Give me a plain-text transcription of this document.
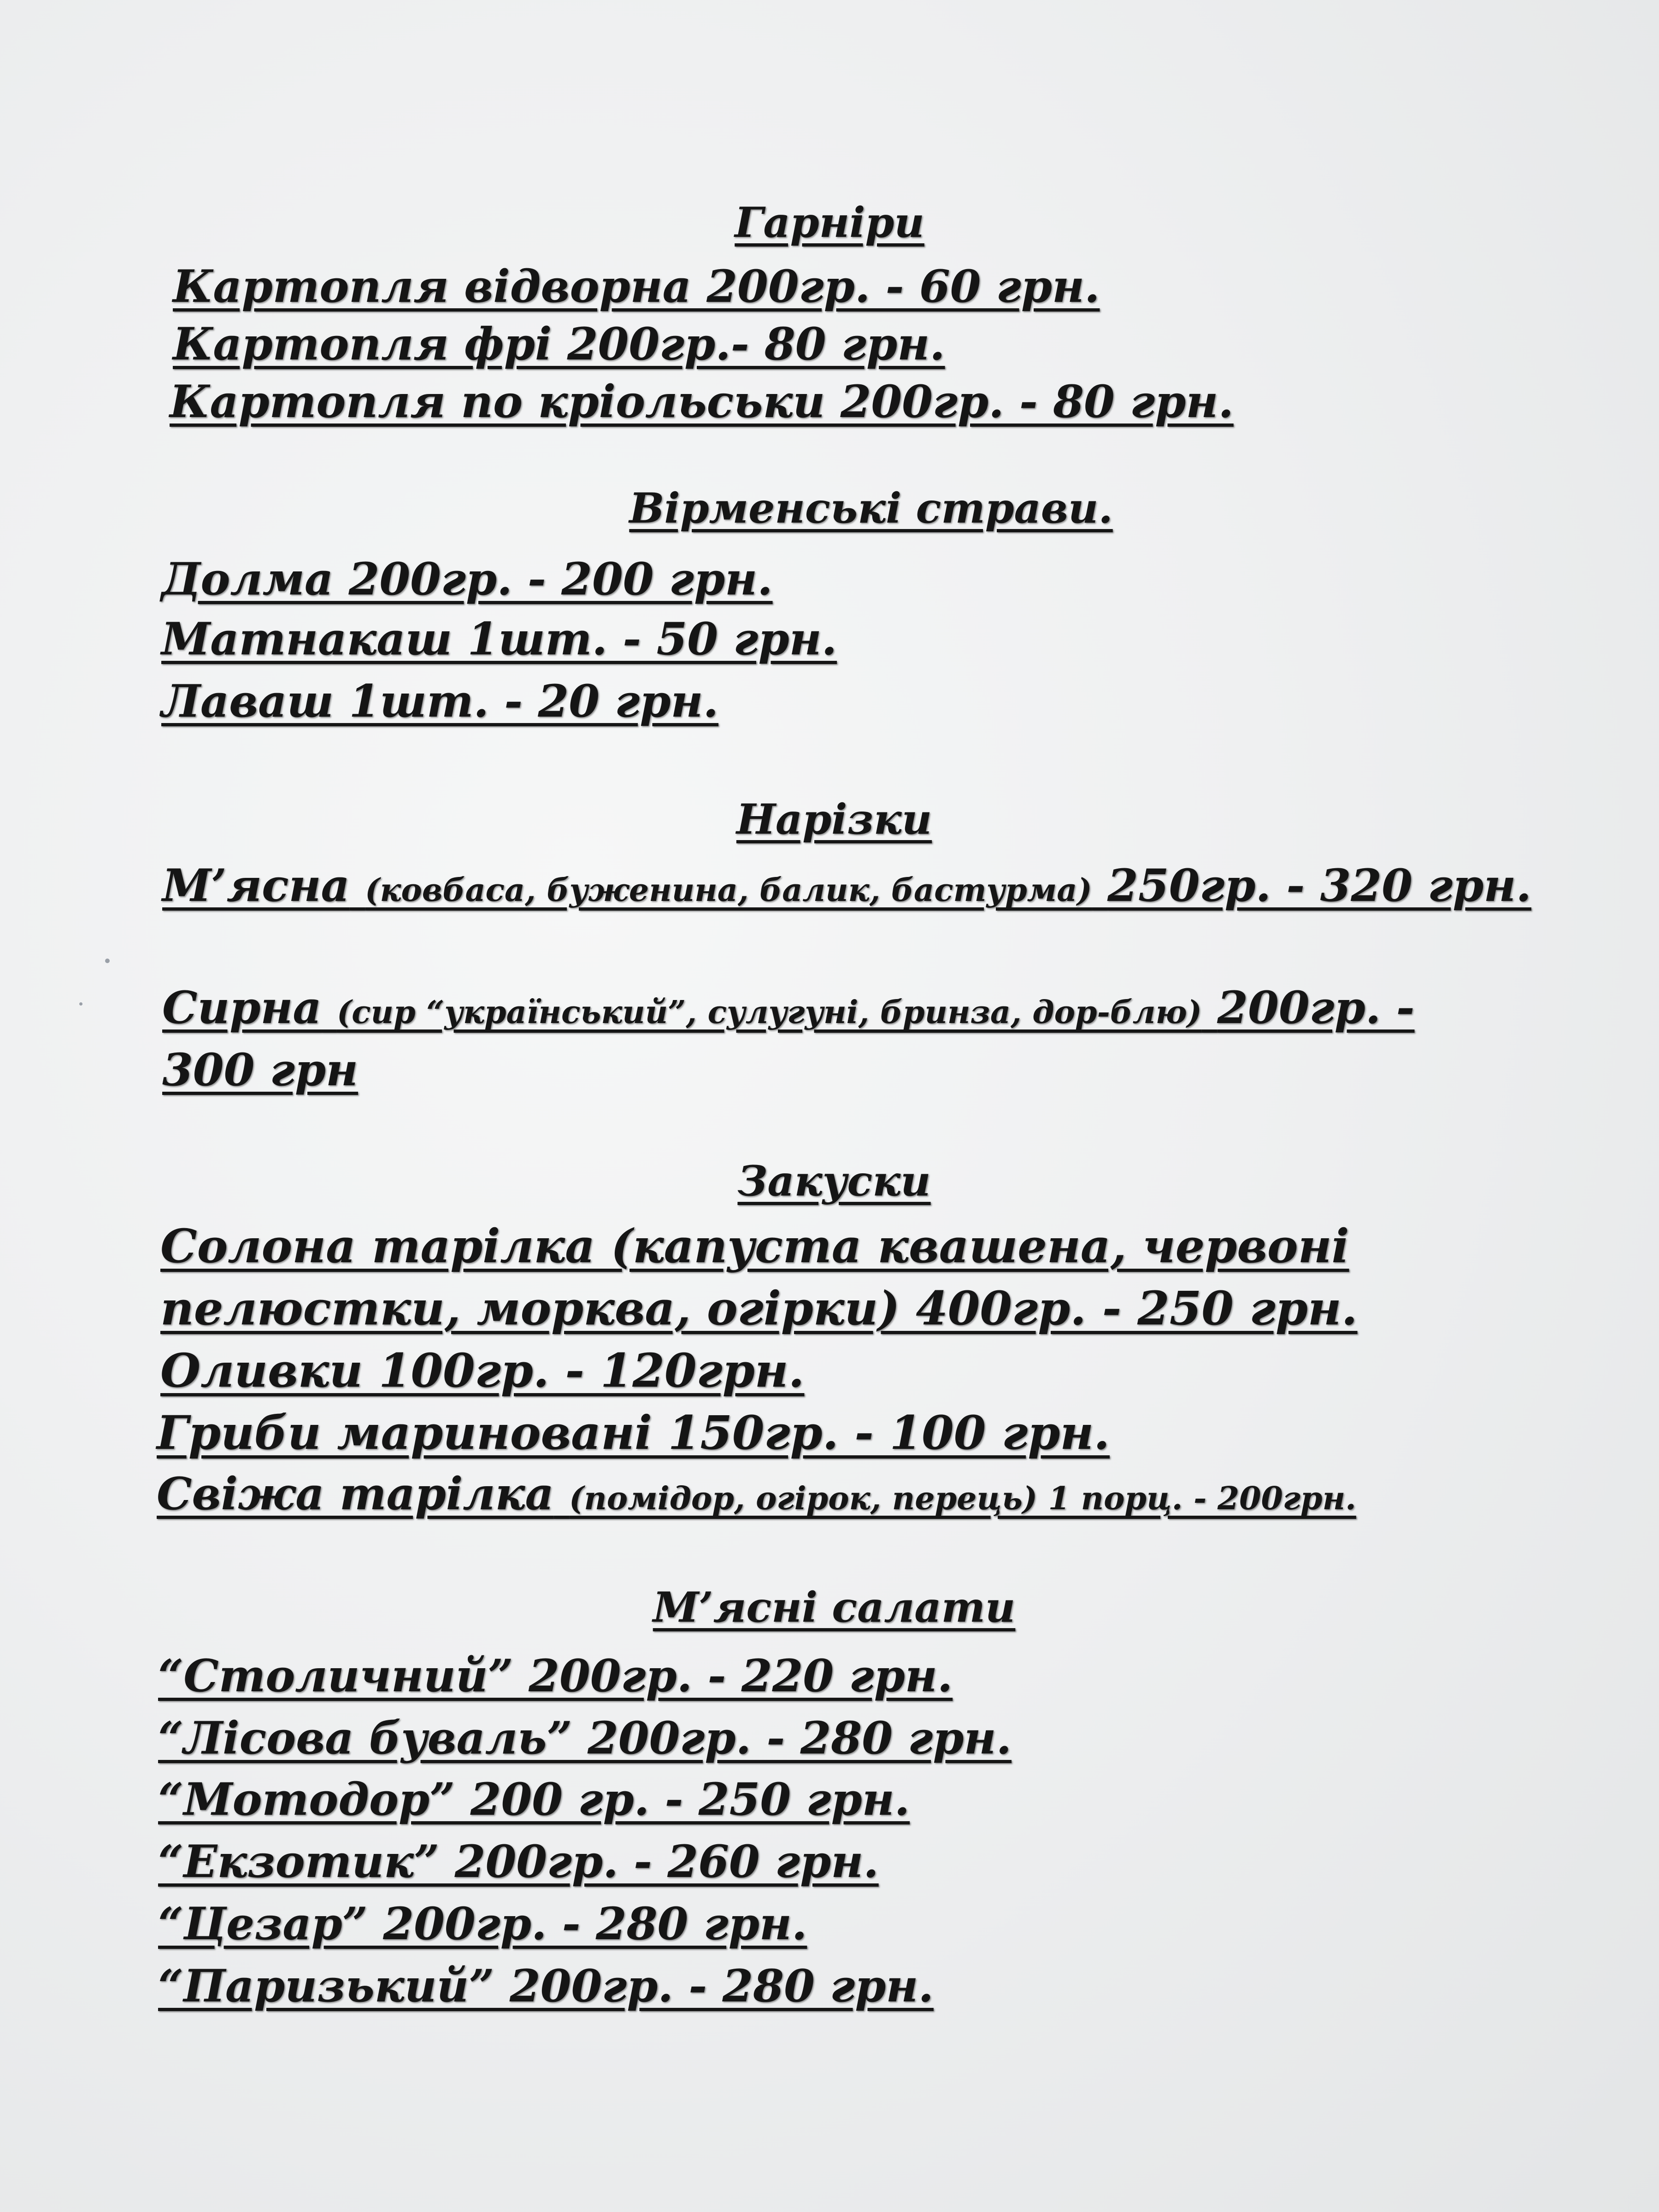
Гарніри

Картопля відворна 200гр. - 60 грн.

Картопля фрі 200гр.- 80 грн.

Картопля по кріольськи 200гр. - 80 грн.

Вірменські страви.

Долма 200гр. - 200 грн.

Матнакаш 1шт. - 50 грн.

Лаваш 1шт. - 20 грн.

Нарізки

М’ясна (ковбаса, буженина, балик, бастурма) 250гр. - 320 грн.

Сирна (сир “український”, сулугуні, бринза, дор-блю) 200гр. -

300 грн

Закуски

Солона тарілка (капуста квашена, червоні

пелюстки, морква, огірки) 400гр. - 250 грн.

Оливки 100гр. - 120грн.

Гриби мариновані 150гр. - 100 грн.

Свіжа тарілка (помідор, огірок, перець) 1 порц. - 200грн.

М’ясні салати

“Столичний” 200гр. - 220 грн.

“Лісова буваль” 200гр. - 280 грн.

“Мотодор” 200 гр. - 250 грн.

“Екзотик” 200гр. - 260 грн.

“Цезар” 200гр. - 280 грн.

“Паризький” 200гр. - 280 грн.
